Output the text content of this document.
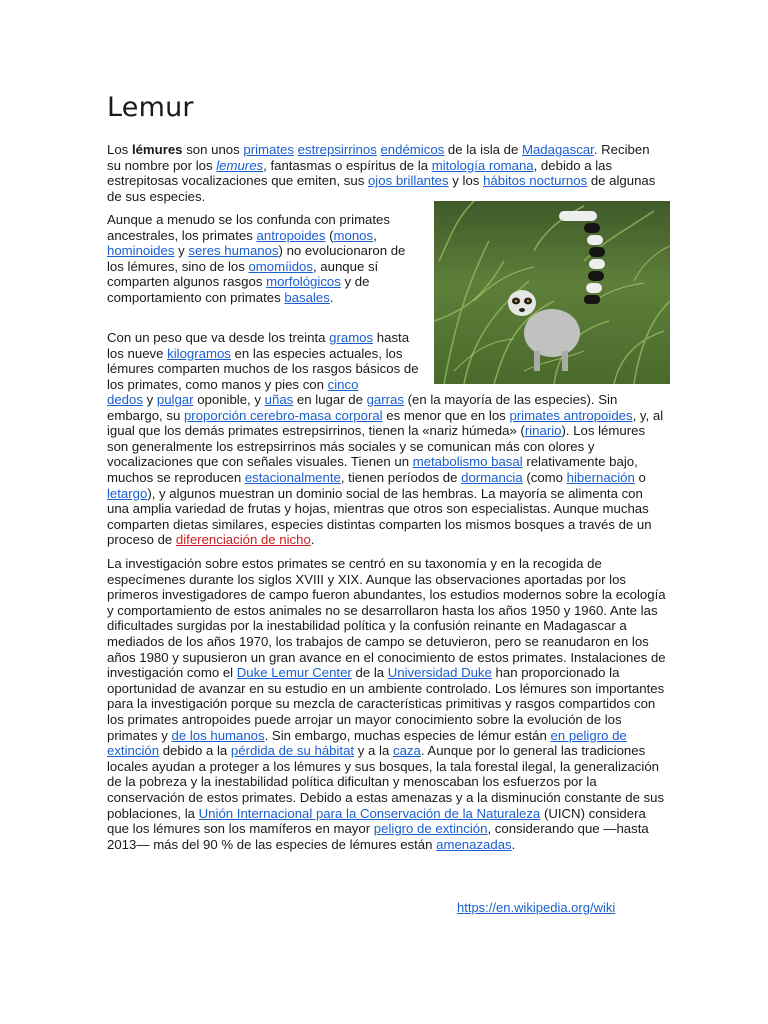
Lemur

Los lémures son unos primates estrepsirrinos endémicos de la isla de Madagascar. Reciben su nombre por los lemures, fantasmas o espíritus de la mitología romana, debido a las estrepitosas vocalizaciones que emiten, sus ojos brillantes y los hábitos nocturnos de algunas de sus especies.

Aunque a menudo se los confunda con primates ancestrales, los primates antropoides (monos, hominoides y seres humanos) no evolucionaron de los lémures, sino de los omomíidos, aunque sí comparten algunos rasgos morfológicos y de comportamiento con primates basales.

Con un peso que va desde los treinta gramos hasta los nueve kilogramos en las especies actuales, los lémures comparten muchos de los rasgos básicos de los primates, como manos y pies con cinco

dedos y pulgar oponible, y uñas en lugar de garras (en la mayoría de las especies). Sin embargo, su proporción cerebro-masa corporal es menor que en los primates antropoides, y, al igual que los demás primates estrepsirrinos, tienen la «nariz húmeda» (rinario). Los lémures son generalmente los estrepsirrinos más sociales y se comunican más con olores y vocalizaciones que con señales visuales. Tienen un metabolismo basal relativamente bajo, muchos se reproducen estacionalmente, tienen períodos de dormancia (como hibernación o letargo), y algunos muestran un dominio social de las hembras. La mayoría se alimenta con una amplia variedad de frutas y hojas, mientras que otros son especialistas. Aunque muchas comparten dietas similares, especies distintas comparten los mismos bosques a través de un proceso de diferenciación de nicho.

La investigación sobre estos primates se centró en su taxonomía y en la recogida de especímenes durante los siglos XVIII y XIX. Aunque las observaciones aportadas por los primeros investigadores de campo fueron abundantes, los estudios modernos sobre la ecología y comportamiento de estos animales no se desarrollaron hasta los años 1950 y 1960. Ante las dificultades surgidas por la inestabilidad política y la confusión reinante en Madagascar a mediados de los años 1970, los trabajos de campo se detuvieron, pero se reanudaron en los años 1980 y supusieron un gran avance en el conocimiento de estos primates. Instalaciones de investigación como el Duke Lemur Center de la Universidad Duke han proporcionado la oportunidad de avanzar en su estudio en un ambiente controlado. Los lémures son importantes para la investigación porque su mezcla de características primitivas y rasgos compartidos con los primates antropoides puede arrojar un mayor conocimiento sobre la evolución de los primates y de los humanos. Sin embargo, muchas especies de lémur están en peligro de extinción debido a la pérdida de su hábitat y a la caza. Aunque por lo general las tradiciones locales ayudan a proteger a los lémures y sus bosques, la tala forestal ilegal, la generalización de la pobreza y la inestabilidad política dificultan y menoscaban los esfuerzos por la conservación de estos primates. Debido a estas amenazas y a la disminución constante de sus poblaciones, la Unión Internacional para la Conservación de la Naturaleza (UICN) considera que los lémures son los mamíferos en mayor peligro de extinción, considerando que —hasta 2013— más del 90 % de las especies de lémures están amenazadas.

https://en.wikipedia.org/wiki
